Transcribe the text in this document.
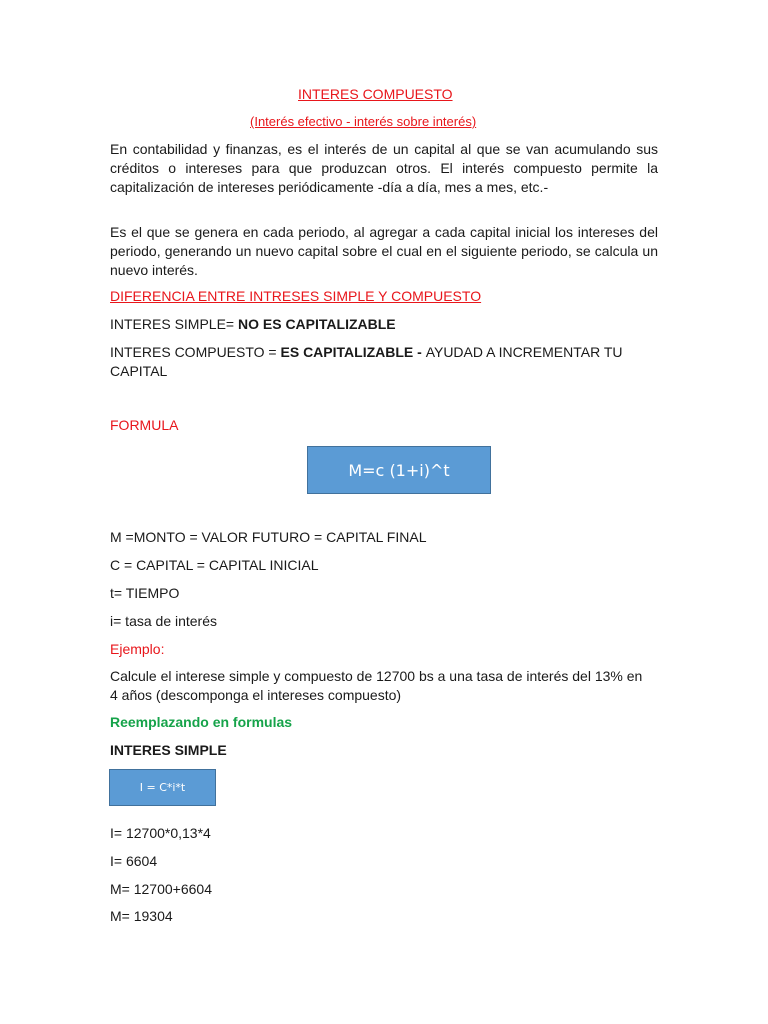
INTERES COMPUESTO
(Interés efectivo - interés sobre interés)
En contabilidad y finanzas, es el interés de un capital al que se van acumulando sus créditos o intereses para que produzcan otros. El interés compuesto permite la capitalización de intereses periódicamente -día a día, mes a mes, etc.-
Es el que se genera en cada periodo, al agregar a cada capital inicial los intereses del periodo, generando un nuevo capital sobre el cual en el siguiente periodo, se calcula un nuevo interés.
DIFERENCIA ENTRE INTRESES SIMPLE Y COMPUESTO
INTERES SIMPLE= NO ES CAPITALIZABLE
INTERES COMPUESTO = ES CAPITALIZABLE - AYUDAD A INCREMENTAR TU CAPITAL
FORMULA
M=c (1+i)^t
M =MONTO = VALOR FUTURO = CAPITAL FINAL
C = CAPITAL = CAPITAL INICIAL
t= TIEMPO
i= tasa de interés
Ejemplo:
Calcule el interese simple y compuesto de 12700 bs a una tasa de interés del 13% en 4 años (descomponga el intereses compuesto)
Reemplazando en formulas
INTERES SIMPLE
I = C*i*t
I= 12700*0,13*4
I= 6604
M= 12700+6604
M= 19304
